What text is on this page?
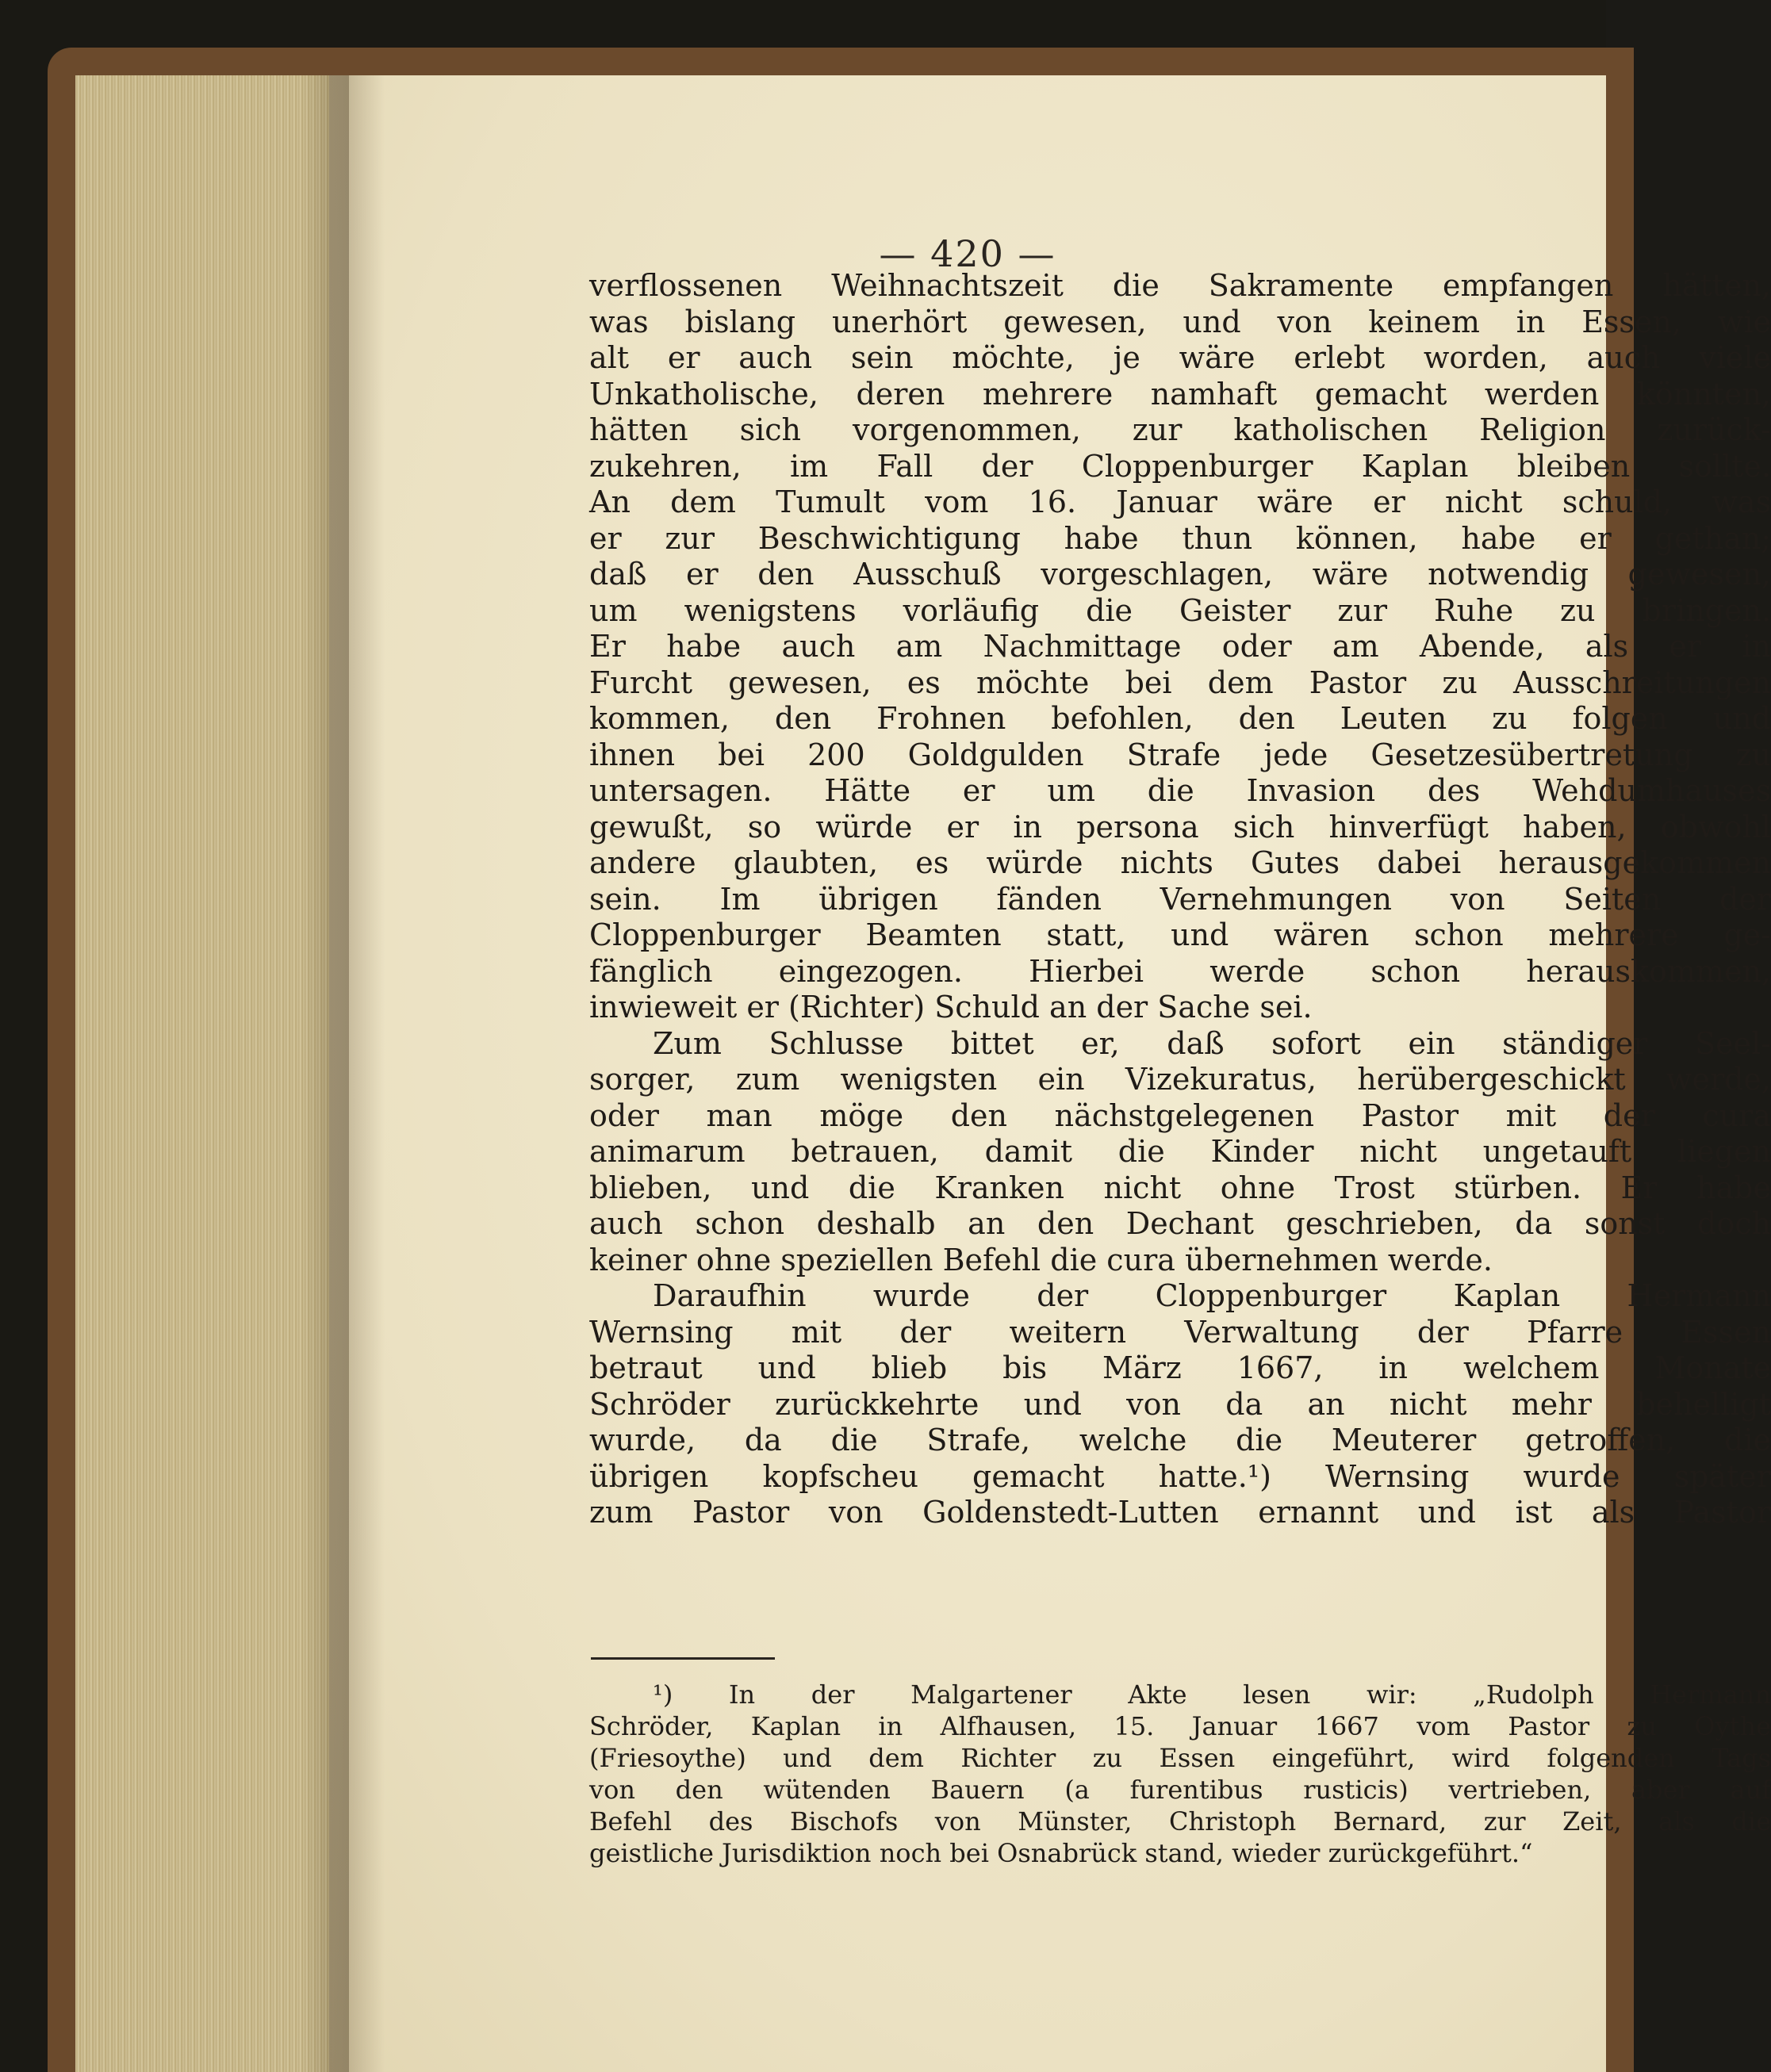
— 420 —
verflossenen Weihnachtszeit die Sakramente empfangen hätten,
was bislang unerhört gewesen, und von keinem in Essen, wie
alt er auch sein möchte, je wäre erlebt worden, auch viele
Unkatholische, deren mehrere namhaft gemacht werden könnten,
hätten sich vorgenommen, zur katholischen Religion zurück-
zukehren, im Fall der Cloppenburger Kaplan bleiben sollte.
An dem Tumult vom 16. Januar wäre er nicht schuld, was
er zur Beschwichtigung habe thun können, habe er gethan;
daß er den Ausschuß vorgeschlagen, wäre notwendig gewesen,
um wenigstens vorläufig die Geister zur Ruhe zu bringen.
Er habe auch am Nachmittage oder am Abende, als er in
Furcht gewesen, es möchte bei dem Pastor zu Ausschreitungen
kommen, den Frohnen befohlen, den Leuten zu folgen und
ihnen bei 200 Goldgulden Strafe jede Gesetzesübertretung zu
untersagen. Hätte er um die Invasion des Wehdumhauses
gewußt, so würde er in persona sich hinverfügt haben, obwohl
andere glaubten, es würde nichts Gutes dabei herausgekommen
sein. Im übrigen fänden Vernehmungen von Seiten der
Cloppenburger Beamten statt, und wären schon mehrere ge-
fänglich eingezogen. Hierbei werde schon herauskommen,
inwieweit er (Richter) Schuld an der Sache sei.
Zum Schlusse bittet er, daß sofort ein ständiger Seel-
sorger, zum wenigsten ein Vizekuratus, herübergeschickt werde,
oder man möge den nächstgelegenen Pastor mit der cura
animarum betrauen, damit die Kinder nicht ungetauft liegen
blieben, und die Kranken nicht ohne Trost stürben. Er habe
auch schon deshalb an den Dechant geschrieben, da sonst doch
keiner ohne speziellen Befehl die cura übernehmen werde.
Daraufhin wurde der Cloppenburger Kaplan Hermann
Wernsing mit der weitern Verwaltung der Pfarre Essen
betraut und blieb bis März 1667, in welchem Monate
Schröder zurückkehrte und von da an nicht mehr behelligt
wurde, da die Strafe, welche die Meuterer getroffen, die
übrigen kopfscheu gemacht hatte.¹) Wernsing wurde später
zum Pastor von Goldenstedt-Lutten ernannt und ist als Pastor
¹) In der Malgartener Akte lesen wir: „Rudolph Hermann
Schröder, Kaplan in Alfhausen, 15. Januar 1667 vom Pastor zu Oythe
(Friesoythe) und dem Richter zu Essen eingeführt, wird folgenden Tags
von den wütenden Bauern (a furentibus rusticis) vertrieben, aber auf
Befehl des Bischofs von Münster, Christoph Bernard, zur Zeit, als die
geistliche Jurisdiktion noch bei Osnabrück stand, wieder zurückgeführt.“
